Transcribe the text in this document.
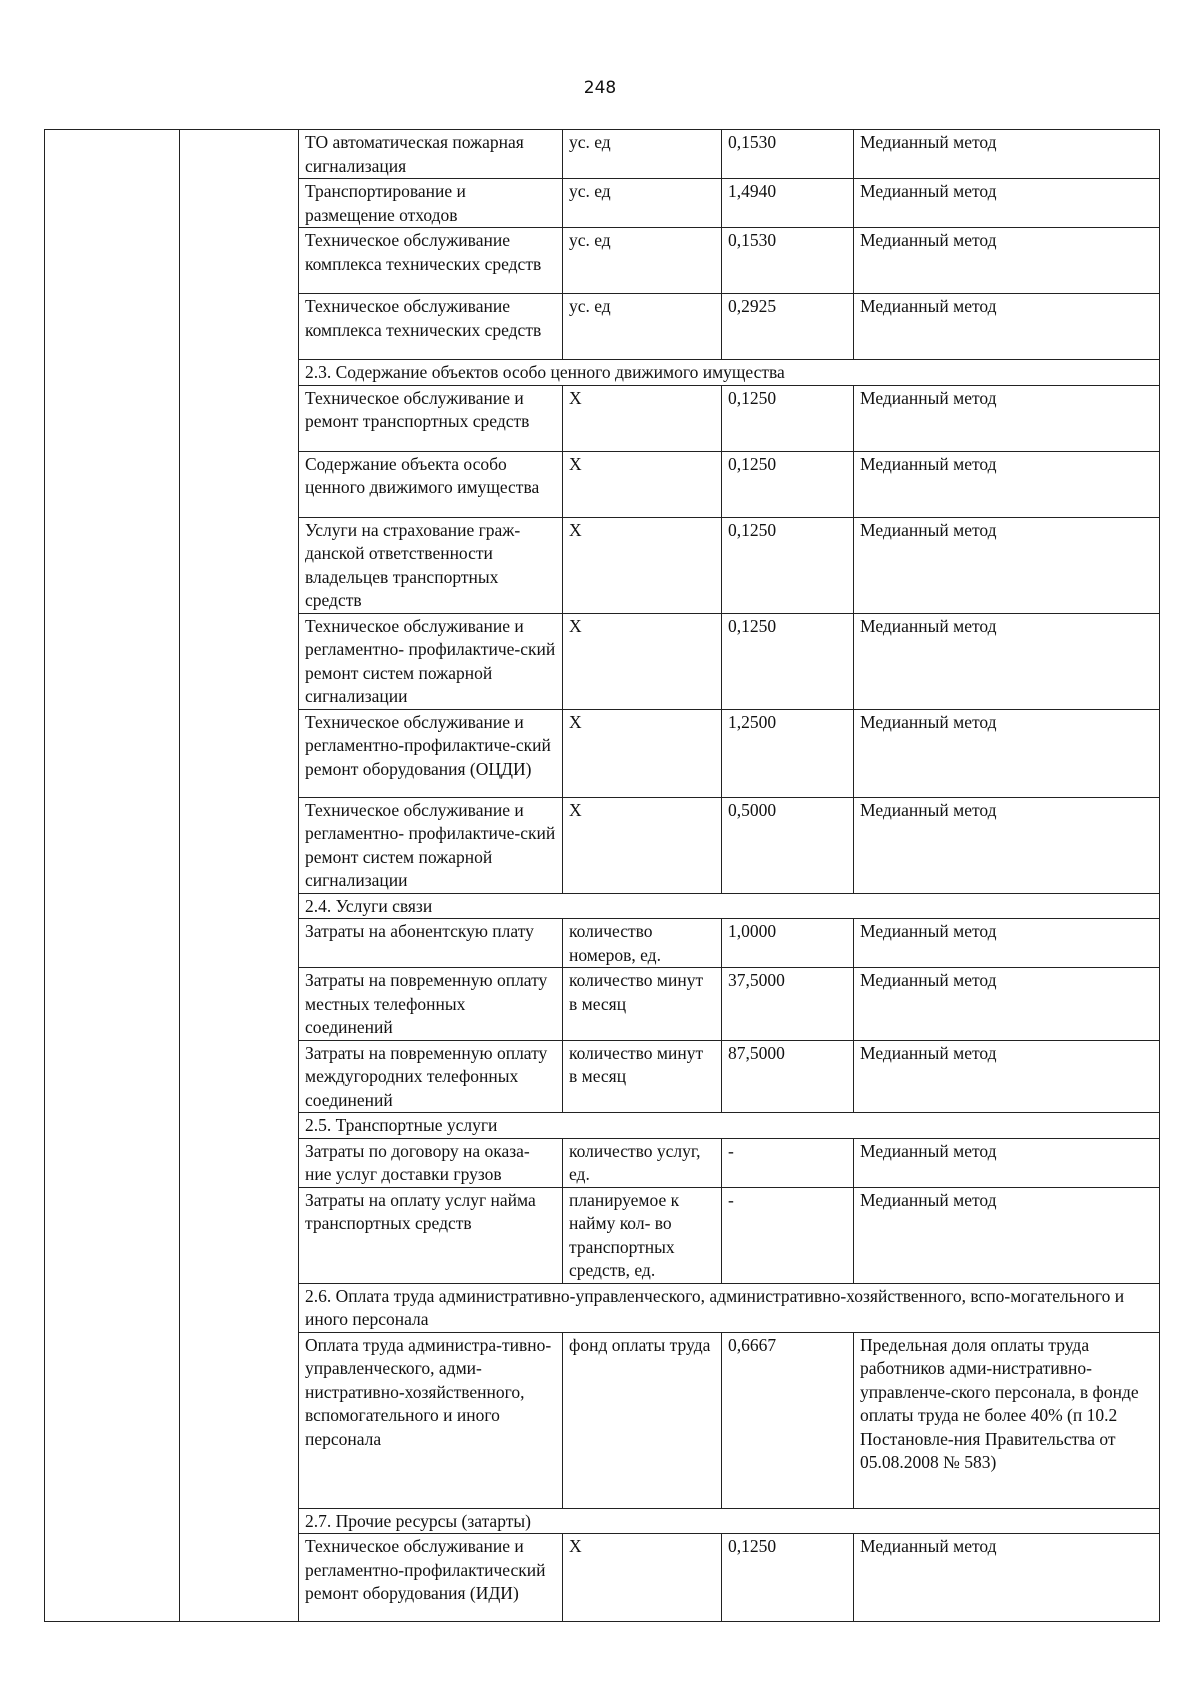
248
		ТО автоматическая пожарная сигнализация	ус. ед	0,1530	Медианный метод
		Транспортирование и размещение отходов	ус. ед	1,4940	Медианный метод
		Техническое обслуживание комплекса технических средств	ус. ед	0,1530	Медианный метод
		Техническое обслуживание комплекса технических средств	ус. ед	0,2925	Медианный метод
		2.3. Содержание объектов особо ценного движимого имущества			
		Техническое обслуживание и ремонт транспортных средств	X	0,1250	Медианный метод
		Содержание объекта особо ценного движимого имущества	X	0,1250	Медианный метод
		Услуги на страхование граж-данской ответственности владельцев транспортных средств	X	0,1250	Медианный метод
		Техническое обслуживание и регламентно- профилактиче-ский ремонт систем пожарной сигнализации	X	0,1250	Медианный метод
		Техническое обслуживание и регламентно-профилактиче-ский ремонт оборудования (ОЦДИ)	X	1,2500	Медианный метод
		Техническое обслуживание и регламентно- профилактиче-ский ремонт систем пожарной сигнализации	X	0,5000	Медианный метод
		2.4. Услуги связи			
		Затраты на абонентскую плату	количество номеров, ед.	1,0000	Медианный метод
		Затраты на повременную оплату местных телефонных соединений	количество минут в месяц	37,5000	Медианный метод
		Затраты на повременную оплату междугородних телефонных соединений	количество минут в месяц	87,5000	Медианный метод
		2.5. Транспортные услуги			
		Затраты по договору на оказа-ние услуг доставки грузов	количество услуг, ед.	-	Медианный метод
		Затраты на оплату услуг найма транспортных средств	планируемое к найму кол- во транспортных средств, ед.	-	Медианный метод
		2.6. Оплата труда административно-управленческого, административно-хозяйственного, вспо-могательного и иного персонала			
		Оплата труда администра-тивно-управленческого, адми-нистративно-хозяйственного, вспомогательного и иного персонала	фонд оплаты труда	0,6667	Предельная доля оплаты труда работников адми-нистративно-управленче-ского персонала, в фонде оплаты труда не более 40% (п 10.2 Постановле-ния Правительства от 05.08.2008 № 583)
		2.7. Прочие ресурсы (затарты)			
		Техническое обслуживание и регламентно-профилактический ремонт оборудования (ИДИ)	X	0,1250	Медианный метод
